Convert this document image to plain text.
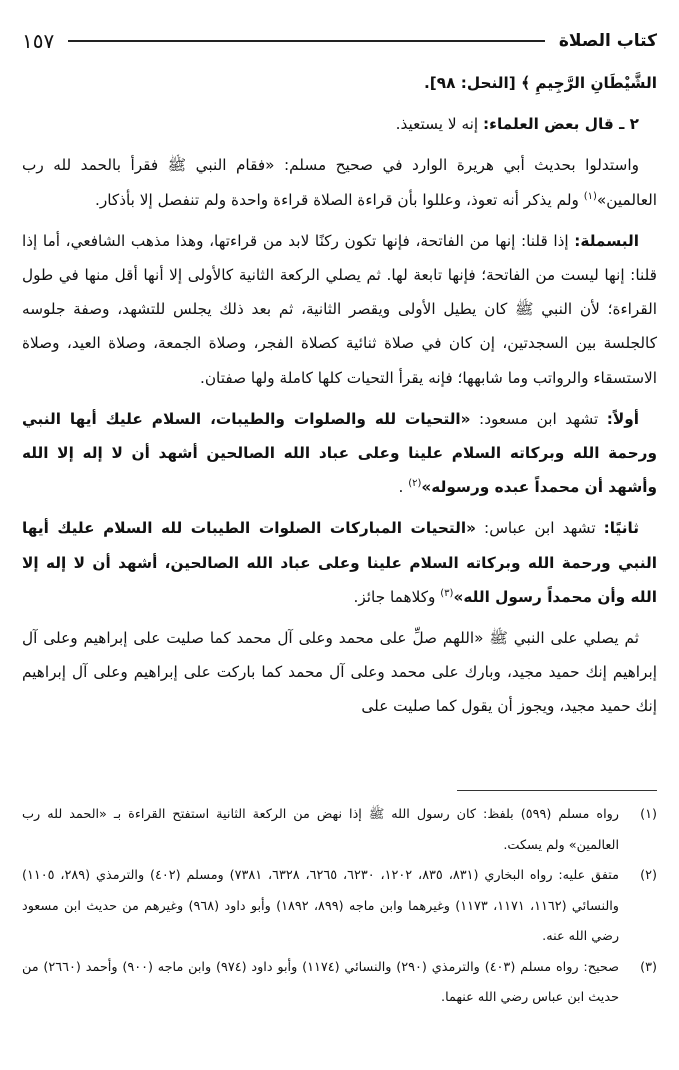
كتاب الصلاة
١٥٧

الشَّيْطَانِ الرَّجِيمِ ﴾ [النحل: ٩٨].

٢ ـ قال بعض العلماء: إنه لا يستعيذ.

واستدلوا بحديث أبي هريرة الوارد في صحيح مسلم: «فقام النبي ﷺ فقرأ بالحمد لله رب العالمين»$^{(١)}$ ولم يذكر أنه تعوذ، وعللوا بأن قراءة الصلاة قراءة واحدة ولم تنفصل إلا بأذكار.

البسملة: إذا قلنا: إنها من الفاتحة، فإنها تكون ركنًا لابد من قراءتها، وهذا مذهب الشافعي، أما إذا قلنا: إنها ليست من الفاتحة؛ فإنها تابعة لها. ثم يصلي الركعة الثانية كالأولى إلا أنها أقل منها في طول القراءة؛ لأن النبي ﷺ كان يطيل الأولى ويقصر الثانية، ثم بعد ذلك يجلس للتشهد، وصفة جلوسه كالجلسة بين السجدتين، إن كان في صلاة ثنائية كصلاة الفجر، وصلاة الجمعة، وصلاة العيد، وصلاة الاستسقاء والرواتب وما شابهها؛ فإنه يقرأ التحيات كلها كاملة ولها صفتان.

أولاً: تشهد ابن مسعود: «التحيات لله والصلوات والطيبات، السلام عليك أيها النبي ورحمة الله وبركاته السلام علينا وعلى عباد الله الصالحين أشهد أن لا إله إلا الله وأشهد أن محمداً عبده ورسوله»$^{(٢)}$ .

ثانيًا: تشهد ابن عباس: «التحيات المباركات الصلوات الطيبات لله السلام عليك أيها النبي ورحمة الله وبركاته السلام علينا وعلى عباد الله الصالحين، أشهد أن لا إله إلا الله وأن محمداً رسول الله»$^{(٣)}$ وكلاهما جائز.

ثم يصلي على النبي ﷺ «اللهم صلِّ على محمد وعلى آل محمد كما صليت على إبراهيم وعلى آل إبراهيم إنك حميد مجيد، وبارك على محمد وعلى آل محمد كما باركت على إبراهيم وعلى آل إبراهيم إنك حميد مجيد، ويجوز أن يقول كما صليت على

(١)
رواه مسلم (٥٩٩) بلفظ: كان رسول الله ﷺ إذا نهض من الركعة الثانية استفتح القراءة بـ «الحمد لله رب العالمين» ولم يسكت.
(٢)
متفق عليه: رواه البخاري (٨٣١، ٨٣٥، ١٢٠٢، ٦٢٣٠، ٦٢٦٥، ٦٣٢٨، ٧٣٨١) ومسلم (٤٠٢) والترمذي (٢٨٩، ١١٠٥) والنسائي (١١٦٢، ١١٧١، ١١٧٣) وغيرهما وابن ماجه (٨٩٩، ١٨٩٢) وأبو داود (٩٦٨) وغيرهم من حديث ابن مسعود رضي الله عنه.
(٣)
صحيح: رواه مسلم (٤٠٣) والترمذي (٢٩٠) والنسائي (١١٧٤) وأبو داود (٩٧٤) وابن ماجه (٩٠٠) وأحمد (٢٦٦٠) من حديث ابن عباس رضي الله عنهما.
